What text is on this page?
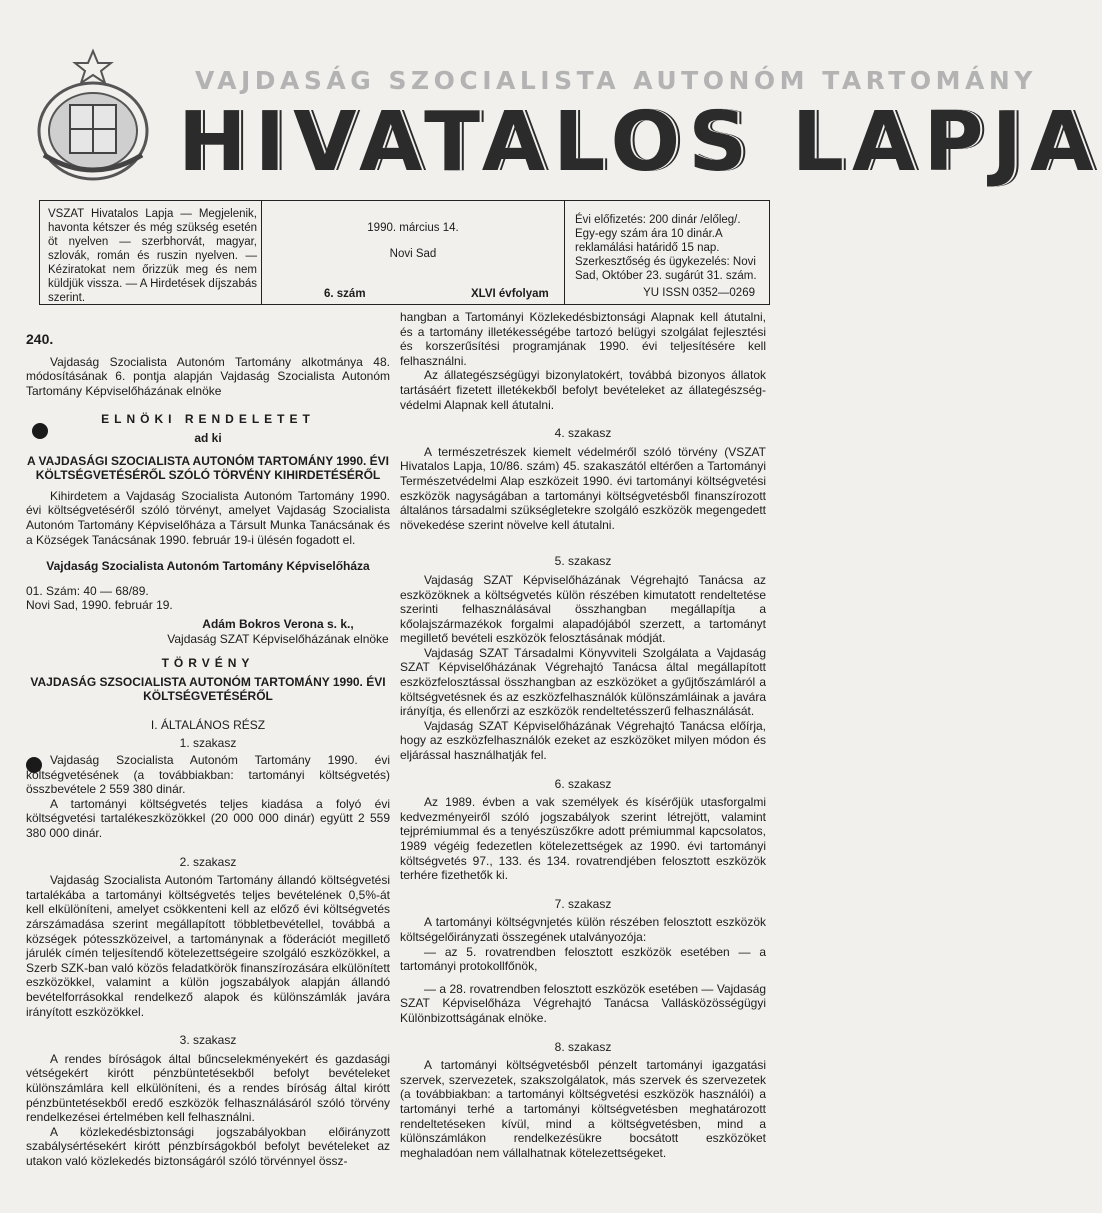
VAJDASÁG SZOCIALISTA AUTONÓM TARTOMÁNY
HIVATALOS LAPJA

VSZAT Hivatalos Lapja — Megjelenik, havonta kétszer és még szükség esetén öt nyelven — szerbhorvát, magyar, szlovák, román és ruszin nyelven. — Kéziratokat nem őrizzük meg és nem küldjük vissza. — A Hirdetések díjszabás szerint.

1990. március 14.
Novi Sad
6. szám	XLVI évfolyam

Évi előfizetés: 200 dinár /előleg/. Egy-egy szám ára 10 dinár.A reklamálási határidő 15 nap. Szerkesztőség és ügykezelés: Novi Sad, Október 23. sugárút 31. szám.

YU ISSN 0352—0269
240.

Vajdaság Szocialista Autonóm Tartomány alkotmánya 48. módosításának 6. pontja alapján Vajdaság Szocialista Autonóm Tartomány Képviselőházának elnöke

ELNÖKI RENDELETET
ad ki
A VAJDASÁGI SZOCIALISTA AUTONÓM TARTOMÁNY 1990. ÉVI KÖLTSÉGVETÉSÉRŐL SZÓLÓ TÖRVÉNY KIHIRDETÉSÉRŐL

Kihirdetem a Vajdaság Szocialista Autonóm Tartomány 1990. évi költségvetéséről szóló törvényt, amelyet Vajdaság Szocialista Autonóm Tartomány Képviselőháza a Társult Munka Tanácsának és a Községek Tanácsának 1990. február 19-i ülésén fogadott el.

Vajdaság Szocialista Autonóm Tartomány Képviselőháza
01. Szám: 40 — 68/89.
Novi Sad, 1990. február 19.
Adám Bokros Verona s. k.,
Vajdaság SZAT Képviselőházának elnöke
TÖRVÉNY
VAJDASÁG SZSOCIALISTA AUTONÓM TARTOMÁNY 1990. ÉVI KÖLTSÉGVETÉSÉRŐL
I. ÁLTALÁNOS RÉSZ
1. szakasz

Vajdaság Szocialista Autonóm Tartomány 1990. évi költségvetésének (a továbbiakban: tartományi költségvetés) összbevétele 2 559 380 dinár.

A tartományi költségvetés teljes kiadása a folyó évi költségvetési tartalékeszközökkel (20 000 000 dinár) együtt 2 559 380 000 dinár.

2. szakasz

Vajdaság Szocialista Autonóm Tartomány állandó költségvetési tartalékába a tartományi költségvetés teljes bevételének 0,5%-át kell elkülöníteni, amelyet csökkenteni kell az előző évi költségvetés zárszámadása szerint megállapított többletbevétellel, továbbá a községek pótesszközeivel, a tartománynak a föderációt megillető járulék címén teljesítendő kötelezettségeire szolgáló eszközökkel, a Szerb SZK-ban való közös feladatkörök finanszírozására elkülönített eszközökkel, valamint a külön jogszabályok alapján állandó bevételforrásokkal rendelkező alapok és különszámlák javára irányított eszközökkel.

3. szakasz

A rendes bíróságok által bűncselekményekért és gazdasági vétségekért kirótt pénzbüntetésekből befolyt bevételeket különszámlára kell elkülöníteni, és a rendes bíróság által kirótt pénzbüntetésekből eredő eszközök felhasználásáról szóló törvény rendelkezései értelmében kell felhasználni.

A közlekedésbiztonsági jogszabályokban előirányzott szabálysértésekért kirótt pénzbírságokból befolyt bevételeket az utakon való közlekedés biztonságáról szóló törvénnyel össz-

hangban a Tartományi Közlekedésbiztonsági Alapnak kell átutalni, és a tartomány illetékességébe tartozó belügyi szolgálat fejlesztési és korszerűsítési programjának 1990. évi teljesítésére kell felhasználni.

Az állategészségügyi bizonylatokért, továbbá bizonyos állatok tartásáért fizetett illetékekből befolyt bevételeket az állategészség-védelmi Alapnak kell átutalni.

4. szakasz

A természetrészek kiemelt védelméről szóló törvény (VSZAT Hivatalos Lapja, 10/86. szám) 45. szakaszától eltérően a Tartományi Természetvédelmi Alap eszközeit 1990. évi tartományi költségvetési eszközök nagyságában a tartományi költségvetésből finanszírozott általános társadalmi szükségletekre szolgáló eszközök megengedett növekedése szerint növelve kell átutalni.

5. szakasz

Vajdaság SZAT Képviselőházának Végrehajtó Tanácsa az eszközöknek a költségvetés külön részében kimutatott rendeltetése szerinti felhasználásával összhangban megállapítja a kőolajszármazékok forgalmi alapadójából szerzett, a tartományt megillető bevételi eszközök felosztásának módját.

Vajdaság SZAT Társadalmi Könyvviteli Szolgálata a Vajdaság SZAT Képviselőházának Végrehajtó Tanácsa által megállapított eszközfelosztással összhangban az eszközöket a gyűjtőszámláról a költségvetésnek és az eszközfelhasználók különszámláinak a javára irányítja, és ellenőrzi az eszközök rendeltetésszerű felhasználását.

Vajdaság SZAT Képviselőházának Végrehajtó Tanácsa előírja, hogy az eszközfelhasználók ezeket az eszközöket milyen módon és eljárással használhatják fel.

6. szakasz

Az 1989. évben a vak személyek és kísérőjük utasforgalmi kedvezményeiről szóló jogszabályok szerint létrejött, valamint tejprémiummal és a tenyészüszőkre adott prémiummal kapcsolatos, 1989 végéig fedezetlen kötelezettségek az 1990. évi tartományi költségvetés 97., 133. és 134. rovatrendjében felosztott eszközök terhére fizethetők ki.

7. szakasz

A tartományi költségvnjetés külön részében felosztott eszközök költségelőirányzati összegének utalványozója:

— az 5. rovatrendben felosztott eszközök esetében — a tartományi protokollfőnök,

— a 28. rovatrendben felosztott eszközök esetében — Vajdaság SZAT Képviselőháza Végrehajtó Tanácsa Vallásközösségügyi Különbizottságának elnöke.

8. szakasz

A tartományi költségvetésből pénzelt tartományi igazgatási szervek, szervezetek, szakszolgálatok, más szervek és szervezetek (a továbbiakban: a tartományi költségvetési eszközök használói) a tartományi terhé a tartományi költségvetésben meghatározott rendeltetéseken kívül, mind a költségvetésben, mind a különszámlákon rendelkezésükre bocsátott eszközöket meghaladóan nem vállalhatnak kötelezettségeket.
